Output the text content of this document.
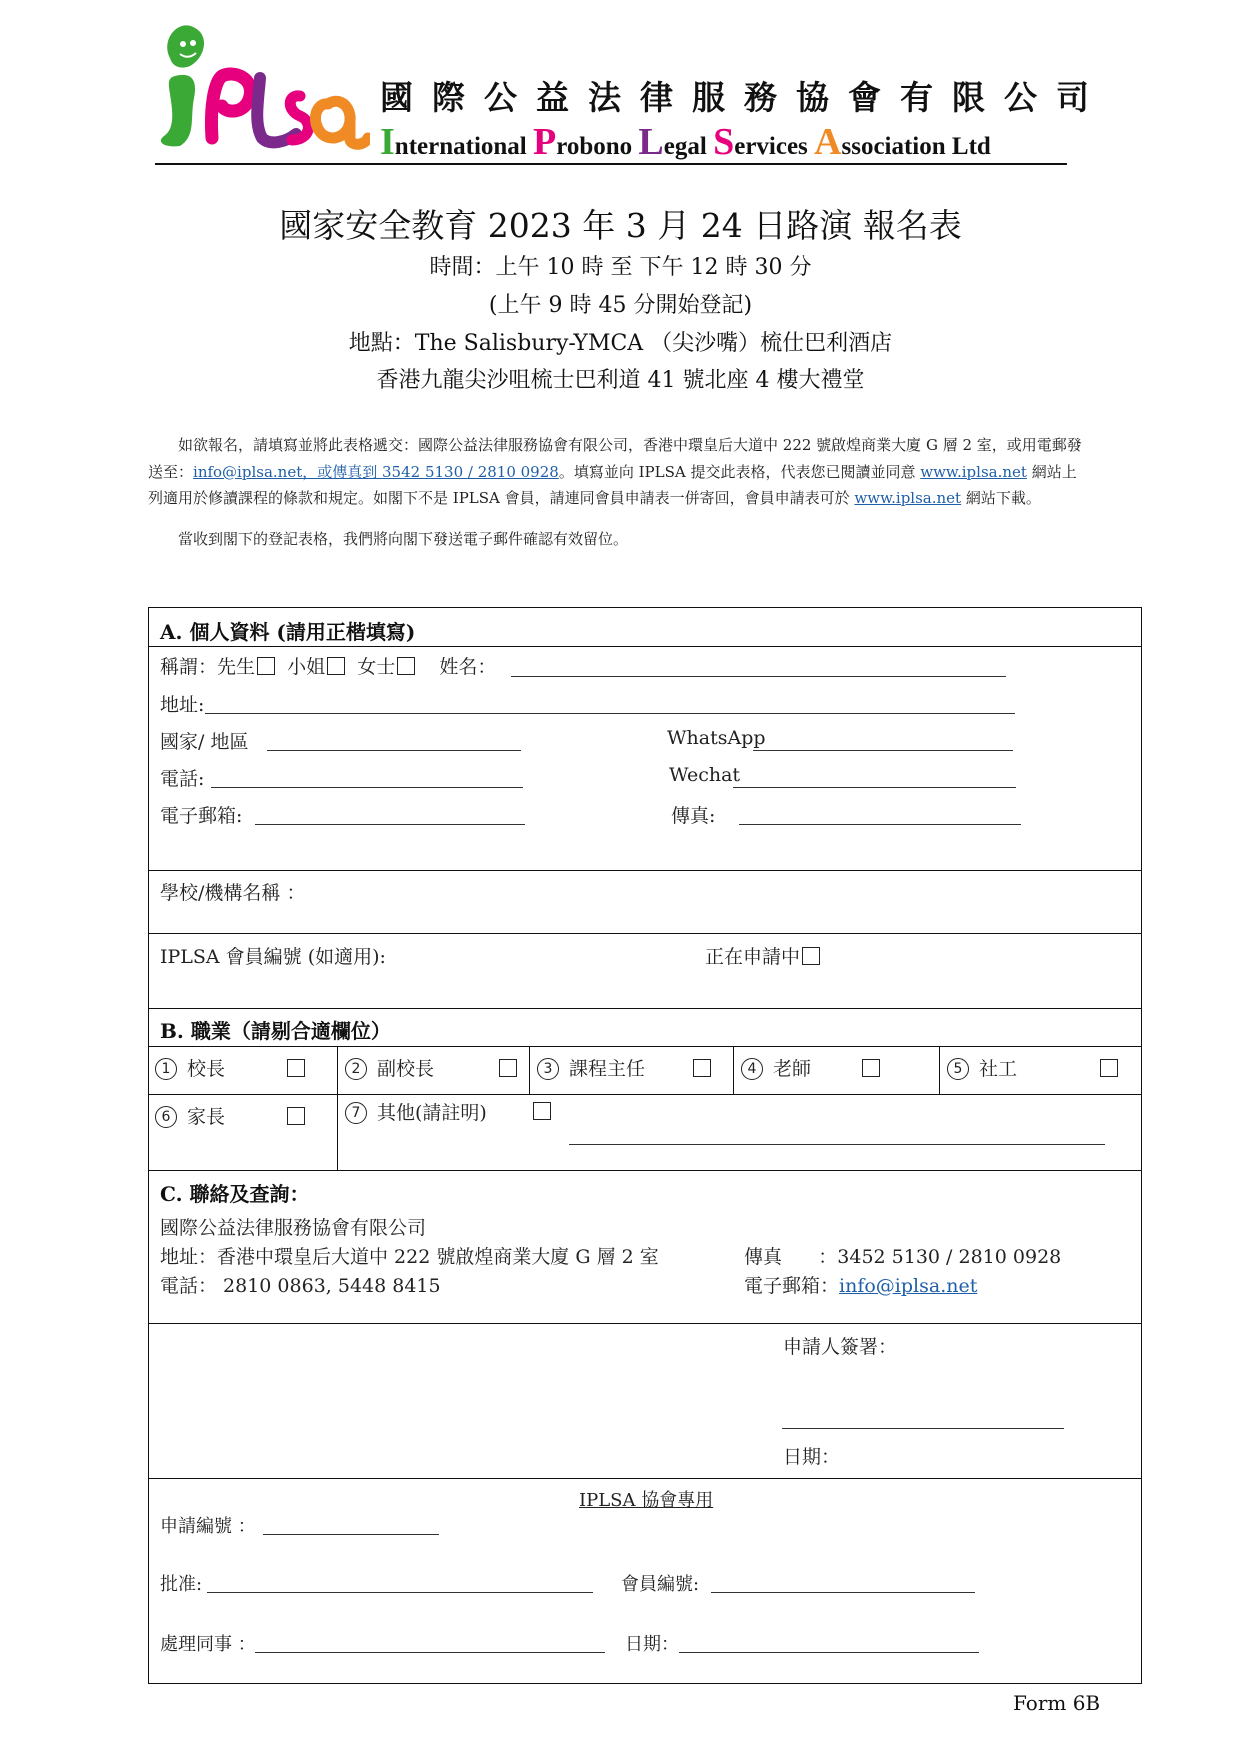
國際公益法律服務協會有限公司
International Probono Legal Services Association Ltd
國家安全教育 2023 年 3 月 24 日路演 報名表
時間：上午 10 時 至 下午 12 時 30 分
(上午 9 時 45 分開始登記)
地點：The Salisbury-YMCA （尖沙嘴）梳仕巴利酒店
香港九龍尖沙咀梳士巴利道 41 號北座 4 樓大禮堂

如欲報名，請填寫並將此表格遞交：國際公益法律服務協會有限公司，香港中環皇后大道中 222 號啟煌商業大廈 G 層 2 室，或用電郵發送至：info@iplsa.net，或傳真到 3542 5130 / 2810 0928。填寫並向 IPLSA 提交此表格，代表您已閱讀並同意 www.iplsa.net 網站上列適用於修讀課程的條款和規定。如閣下不是 IPLSA 會員，請連同會員申請表一併寄回，會員申請表可於 www.iplsa.net 網站下載。

當收到閣下的登記表格，我們將向閣下發送電子郵件確認有效留位。

A. 個人資料 (請用正楷填寫)
稱謂：先生 小姐 女士 姓名：
地址:
國家/ 地區	WhatsApp
電話:	Wechat
電子郵箱:	傳真:
學校/機構名稱 ：
IPLSA 會員編號 (如適用):	正在申請中
B. 職業（請剔合適欄位）
1 校長	2 副校長	3 課程主任	4 老師	5 社工
6 家長	7 其他(請註明)
C. 聯絡及查詢：
國際公益法律服務協會有限公司
地址：香港中環皇后大道中 222 號啟煌商業大廈 G 層 2 室
電話： 2810 0863, 5448 8415
傳真 ：3452 5130 / 2810 0928
電子郵箱：info@iplsa.net
申請人簽署：
日期：
IPLSA 協會專用
申請編號 ：
批准:	會員編號:
處理同事 ：	日期：
Form 6B
